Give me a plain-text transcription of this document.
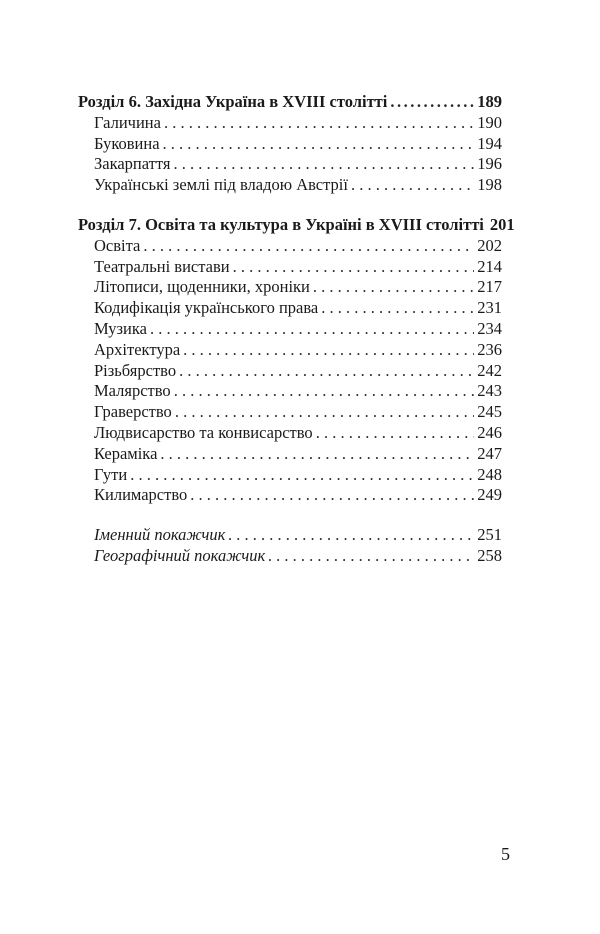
Розділ 6. Західна Україна в XVIII столітті .....	189
Галичина . . .	190
Буковина . . .	194
Закарпаття . . .	196
Українські землі під владою Австрії . . .	198
Розділ 7. Освіта та культура в Україні в XVIII столітті 201
Освіта . . .	202
Театральні вистави . . .	214
Літописи, щоденники, хроніки . . .	217
Кодифікація українського права . . .	231
Музика . . .	234
Архітектура . . .	236
Різьбярство . . .	242
Малярство . . .	243
Граверство . . .	245
Людвисарство та конвисарство . . .	246
Кераміка . . .	247
Гути . . .	248
Килимарство . . .	249
Іменний покажчик . . .	251
Географічний покажчик . . .	258
5
